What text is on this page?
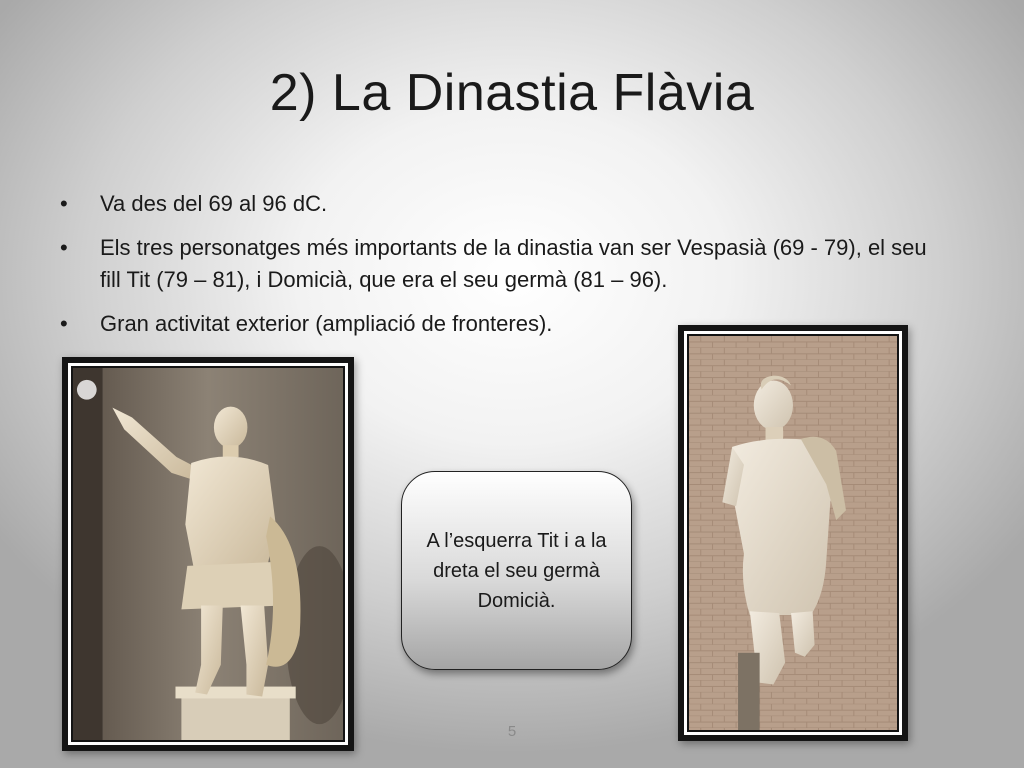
2) La Dinastia Flàvia
• Va des del 69 al 96 dC.
• Els tres personatges més importants de la dinastia van ser Vespasià (69 - 79), el seu fill Tit (79 – 81), i Domicià, que era el seu germà (81 – 96).
• Gran activitat exterior (ampliació de fronteres).
A l’esquerra Tit i a la dreta el seu germà Domicià.
5
